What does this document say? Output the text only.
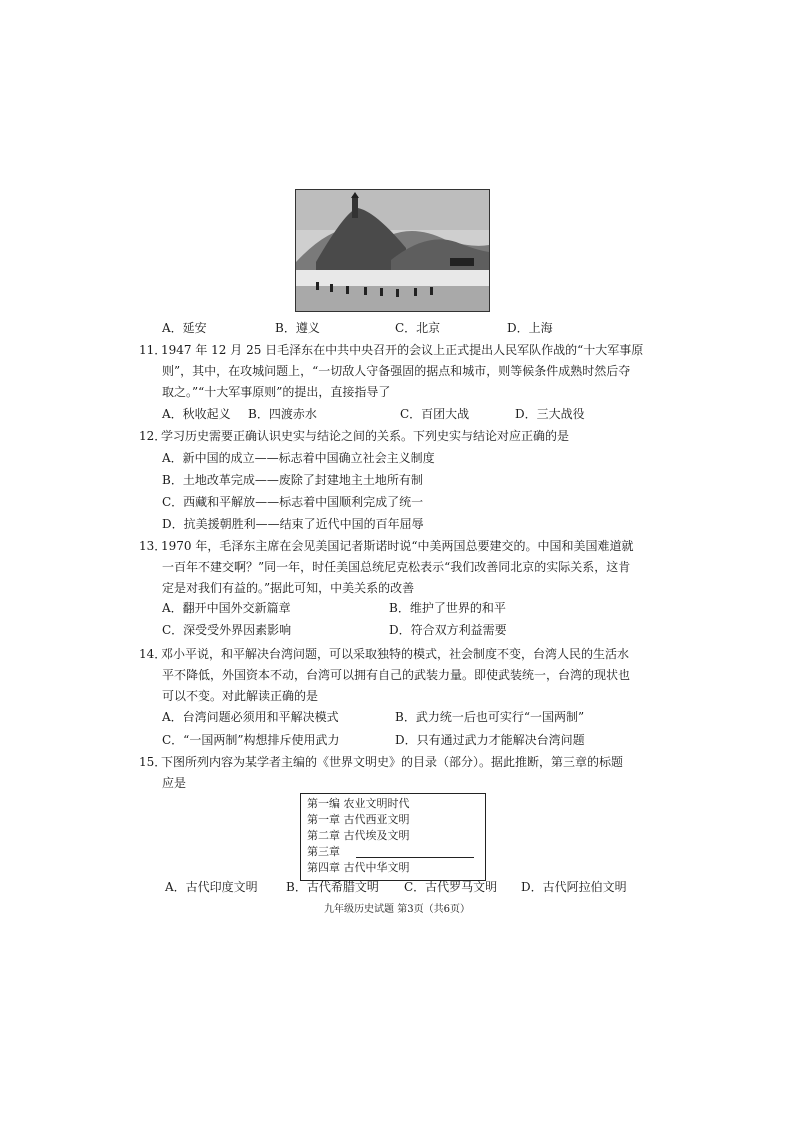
A．延安	B．遵义	C．北京	D．上海
11．
1947 年 12 月 25 日毛泽东在中共中央召开的会议上正式提出人民军队作战的“十大军事原
则”，其中，在攻城问题上，“一切敌人守备强固的据点和城市，则等候条件成熟时然后夺
取之。”“十大军事原则”的提出，直接指导了
A．秋收起义 B．四渡赤水	C．百团大战	D．三大战役
12．
学习历史需要正确认识史实与结论之间的关系。下列史实与结论对应正确的是
A．新中国的成立——标志着中国确立社会主义制度
B．土地改革完成——废除了封建地主土地所有制
C．西藏和平解放——标志着中国顺利完成了统一
D．抗美援朝胜利——结束了近代中国的百年屈辱
13．
1970 年，毛泽东主席在会见美国记者斯诺时说“中美两国总要建交的。中国和美国难道就
一百年不建交啊？”同一年，时任美国总统尼克松表示“我们改善同北京的实际关系，这肯
定是对我们有益的。”据此可知，中美关系的改善
A．翻开中国外交新篇章	B．维护了世界的和平
C．深受受外界因素影响	D．符合双方利益需要
14．
邓小平说，和平解决台湾问题，可以采取独特的模式，社会制度不变，台湾人民的生活水
平不降低，外国资本不动，台湾可以拥有自己的武装力量。即使武装统一，台湾的现状也
可以不变。对此解读正确的是
A．台湾问题必须用和平解决模式	B．武力统一后也可实行“一国两制”
C．“一国两制”构想排斥使用武力	D．只有通过武力才能解决台湾问题
15．
下图所列内容为某学者主编的《世界文明史》的目录（部分）。据此推断，第三章的标题
应是
第一编 农业文明时代
第一章 古代西亚文明
第二章 古代埃及文明
第三章
第四章 古代中华文明
A．古代印度文明 B．古代希腊文明 C．古代罗马文明 D．古代阿拉伯文明
九年级历史试题 第3页（共6页）
